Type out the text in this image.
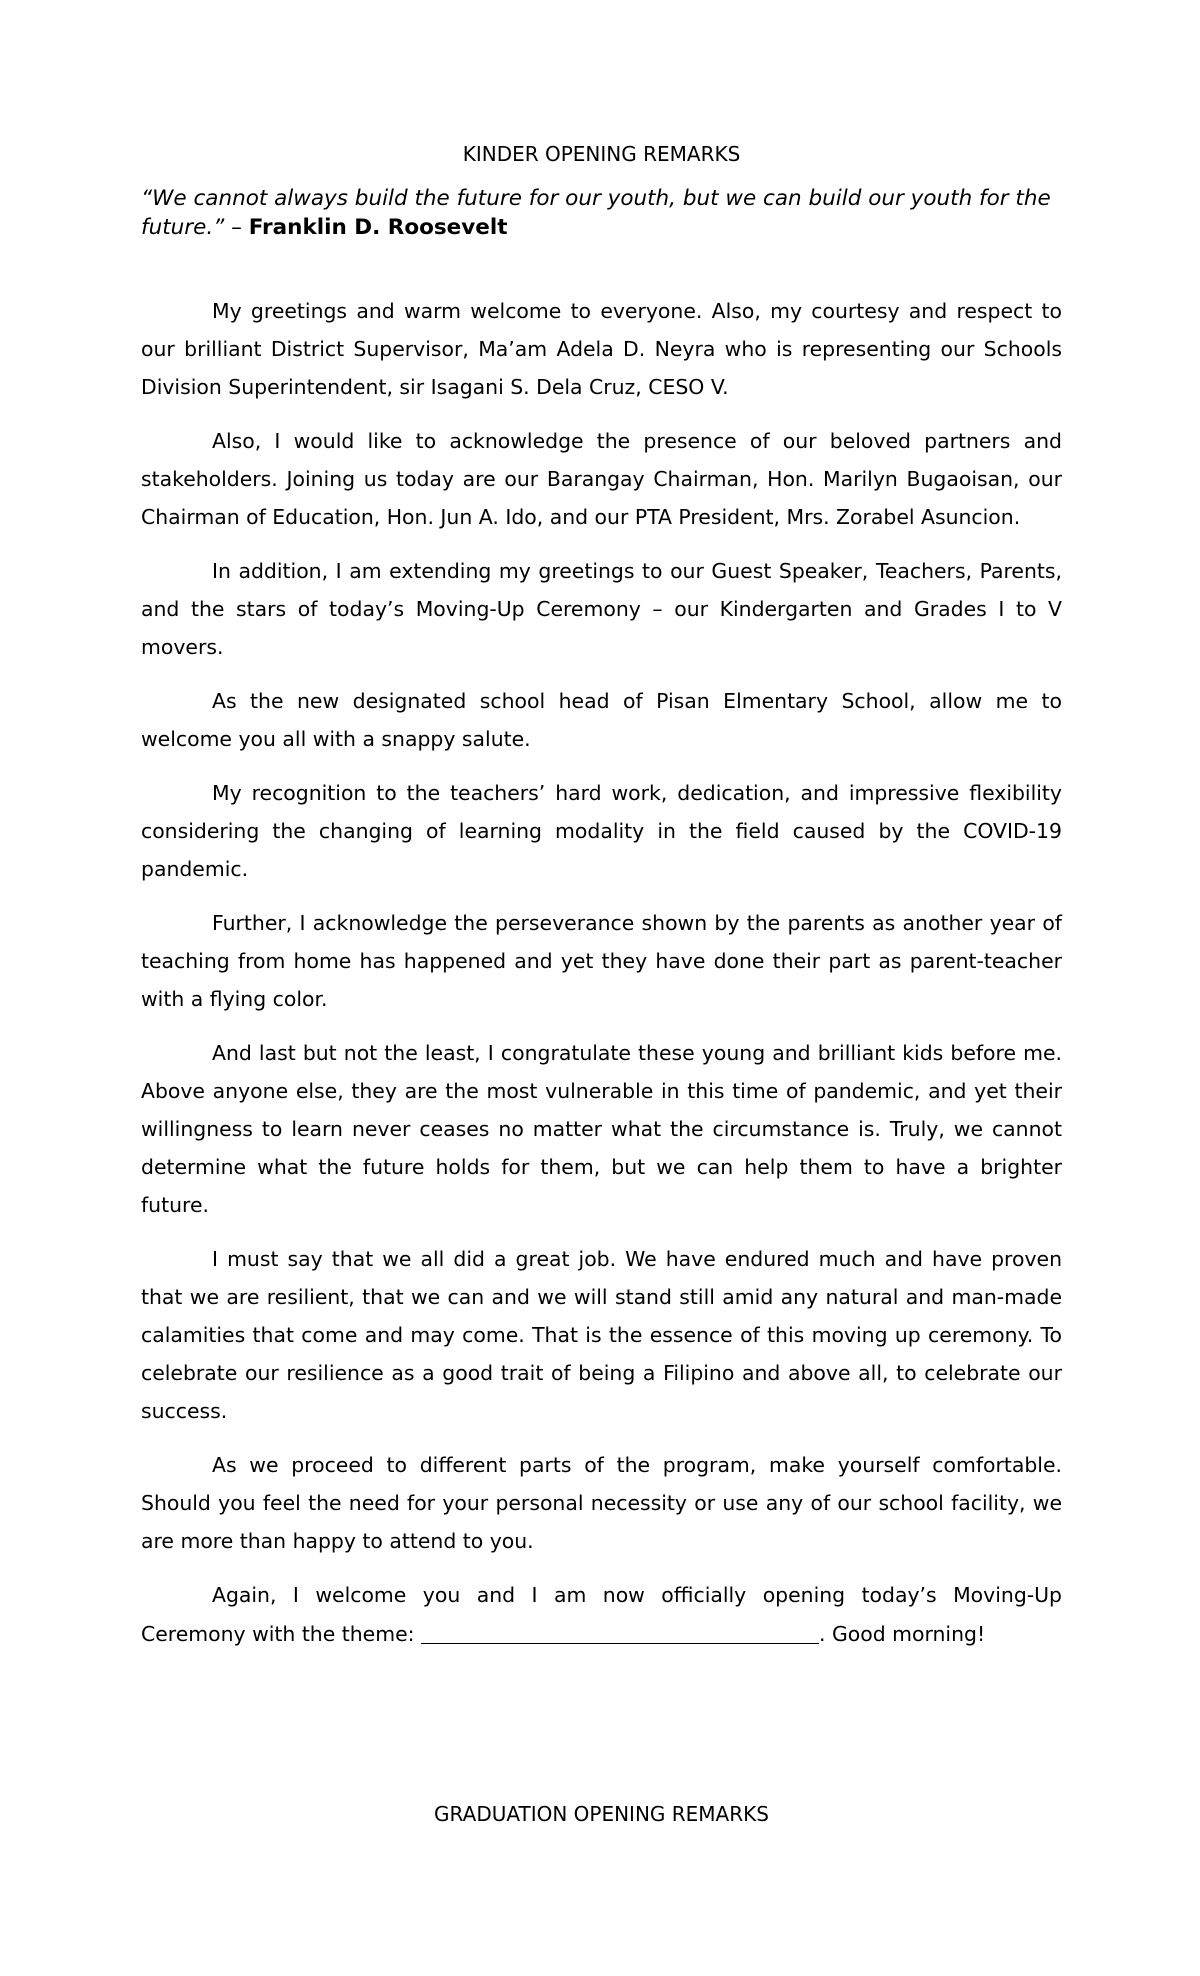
KINDER OPENING REMARKS

“We cannot always build the future for our youth, but we can build our youth for the future.” – Franklin D. Roosevelt

My greetings and warm welcome to everyone. Also, my courtesy and respect to our brilliant District Supervisor, Ma’am Adela D. Neyra who is representing our Schools Division Superintendent, sir Isagani S. Dela Cruz, CESO V.

Also, I would like to acknowledge the presence of our beloved partners and stakeholders. Joining us today are our Barangay Chairman, Hon. Marilyn Bugaoisan, our Chairman of Education, Hon. Jun A. Ido, and our PTA President, Mrs. Zorabel Asuncion.

In addition, I am extending my greetings to our Guest Speaker, Teachers, Parents, and the stars of today’s Moving-Up Ceremony – our Kindergarten and Grades I to V movers.

As the new designated school head of Pisan Elmentary School, allow me to welcome you all with a snappy salute.

My recognition to the teachers’ hard work, dedication, and impressive flexibility considering the changing of learning modality in the field caused by the COVID-19 pandemic.

Further, I acknowledge the perseverance shown by the parents as another year of teaching from home has happened and yet they have done their part as parent-teacher with a flying color.

And last but not the least, I congratulate these young and brilliant kids before me. Above anyone else, they are the most vulnerable in this time of pandemic, and yet their willingness to learn never ceases no matter what the circumstance is. Truly, we cannot determine what the future holds for them, but we can help them to have a brighter future.

I must say that we all did a great job. We have endured much and have proven that we are resilient, that we can and we will stand still amid any natural and man-made calamities that come and may come. That is the essence of this moving up ceremony. To celebrate our resilience as a good trait of being a Filipino and above all, to celebrate our success.

As we proceed to different parts of the program, make yourself comfortable. Should you feel the need for your personal necessity or use any of our school facility, we are more than happy to attend to you.

Again, I welcome you and I am now officially opening today’s Moving-Up Ceremony with the theme:	. Good morning!

GRADUATION OPENING REMARKS
